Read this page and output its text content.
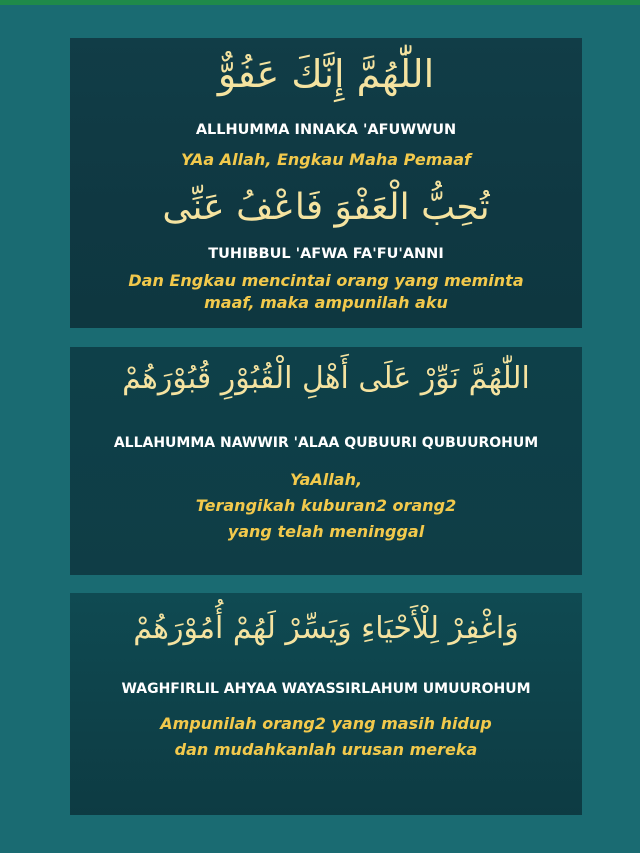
اللّٰهُمَّ إِنَّكَ عَفُوٌّ
ALLHUMMA INNAKA 'AFUWWUN
YAa Allah, Engkau Maha Pemaaf
تُحِبُّ الْعَفْوَ فَاعْفُ عَنِّى
TUHIBBUL 'AFWA FA'FU'ANNI
Dan Engkau mencintai orang yang meminta
maaf, maka ampunilah aku
اللّٰهُمَّ نَوِّرْ عَلَى أَهْلِ الْقُبُوْرِ قُبُوْرَهُمْ
ALLAHUMMA NAWWIR 'ALAA QUBUURI QUBUUROHUM
YaAllah,
Terangikah kuburan2 orang2
yang telah meninggal
وَاغْفِرْ لِلْأَحْيَاءِ وَيَسِّرْ لَهُمْ أُمُوْرَهُمْ
WAGHFIRLIL AHYAA WAYASSIRLAHUM UMUUROHUM
Ampunilah orang2 yang masih hidup
dan mudahkanlah urusan mereka
